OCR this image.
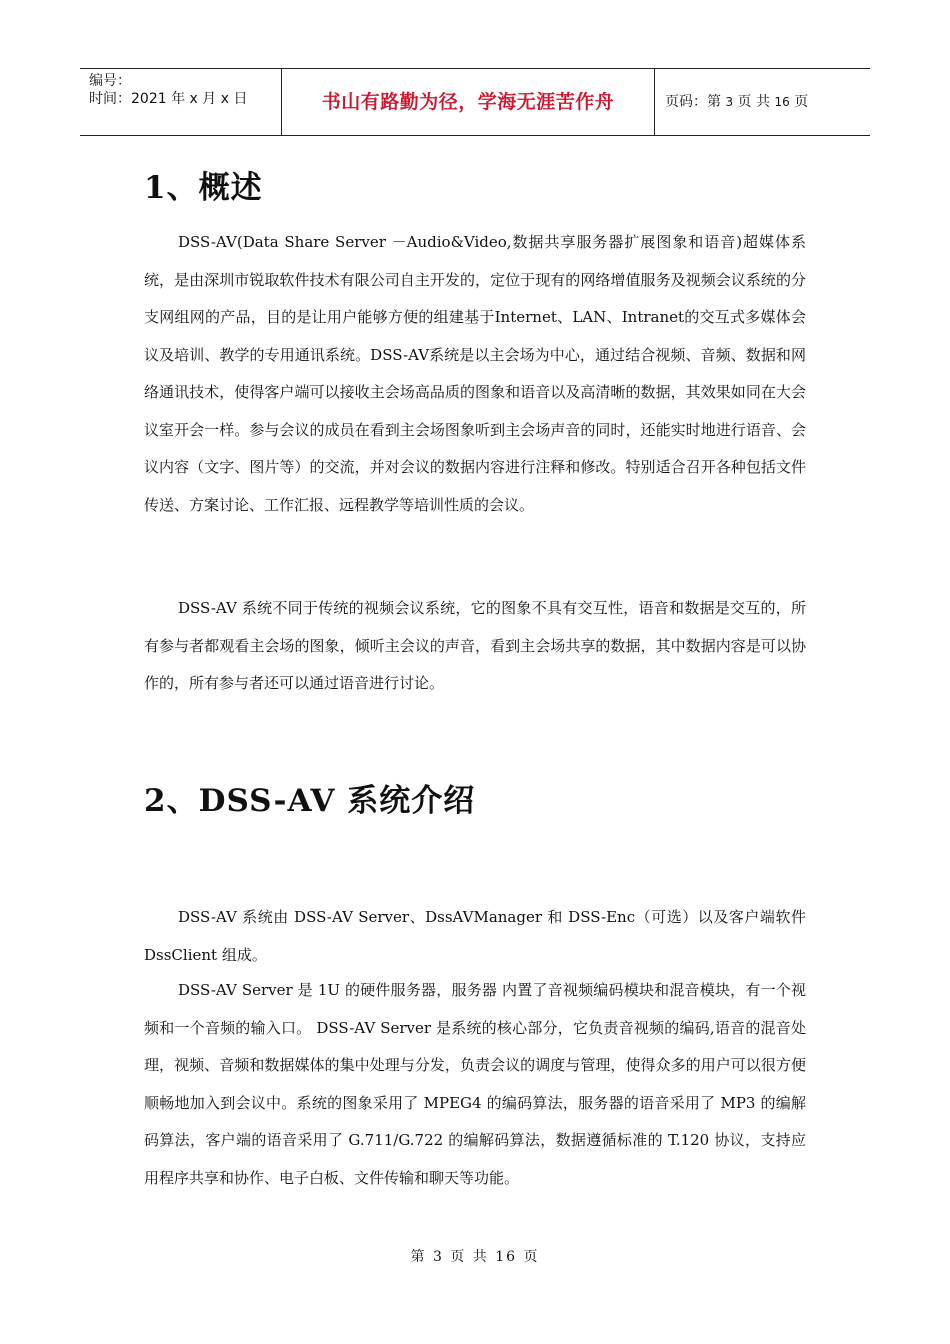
编号：
时间：2021 年 x 月 x 日	书山有路勤为径，学海无涯苦作舟	页码：第 3 页 共 16 页
1、概述

DSS-AV(Data Share Server －Audio&Video,数据共享服务器扩展图象和语音)超媒体系统，是由深圳市锐取软件技术有限公司自主开发的，定位于现有的网络增值服务及视频会议系统的分支网组网的产品，目的是让用户能够方便的组建基于Internet、LAN、Intranet的交互式多媒体会议及培训、教学的专用通讯系统。DSS-AV系统是以主会场为中心，通过结合视频、音频、数据和网络通讯技术，使得客户端可以接收主会场高品质的图象和语音以及高清晰的数据，其效果如同在大会议室开会一样。参与会议的成员在看到主会场图象听到主会场声音的同时，还能实时地进行语音、会议内容（文字、图片等）的交流，并对会议的数据内容进行注释和修改。特别适合召开各种包括文件传送、方案讨论、工作汇报、远程教学等培训性质的会议。

DSS-AV 系统不同于传统的视频会议系统，它的图象不具有交互性，语音和数据是交互的，所有参与者都观看主会场的图象，倾听主会议的声音，看到主会场共享的数据，其中数据内容是可以协作的，所有参与者还可以通过语音进行讨论。

2、DSS-AV 系统介绍

DSS-AV 系统由 DSS-AV Server、DssAVManager 和 DSS-Enc（可选）以及客户端软件DssClient 组成。

DSS-AV Server 是 1U 的硬件服务器，服务器 内置了音视频编码模块和混音模块，有一个视频和一个音频的输入口。 DSS-AV Server 是系统的核心部分，它负责音视频的编码,语音的混音处理，视频、音频和数据媒体的集中处理与分发，负责会议的调度与管理，使得众多的用户可以很方便顺畅地加入到会议中。系统的图象采用了 MPEG4 的编码算法，服务器的语音采用了 MP3 的编解码算法，客户端的语音采用了 G.711/G.722 的编解码算法，数据遵循标准的 T.120 协议，支持应用程序共享和协作、电子白板、文件传输和聊天等功能。

第 3 页 共 16 页
